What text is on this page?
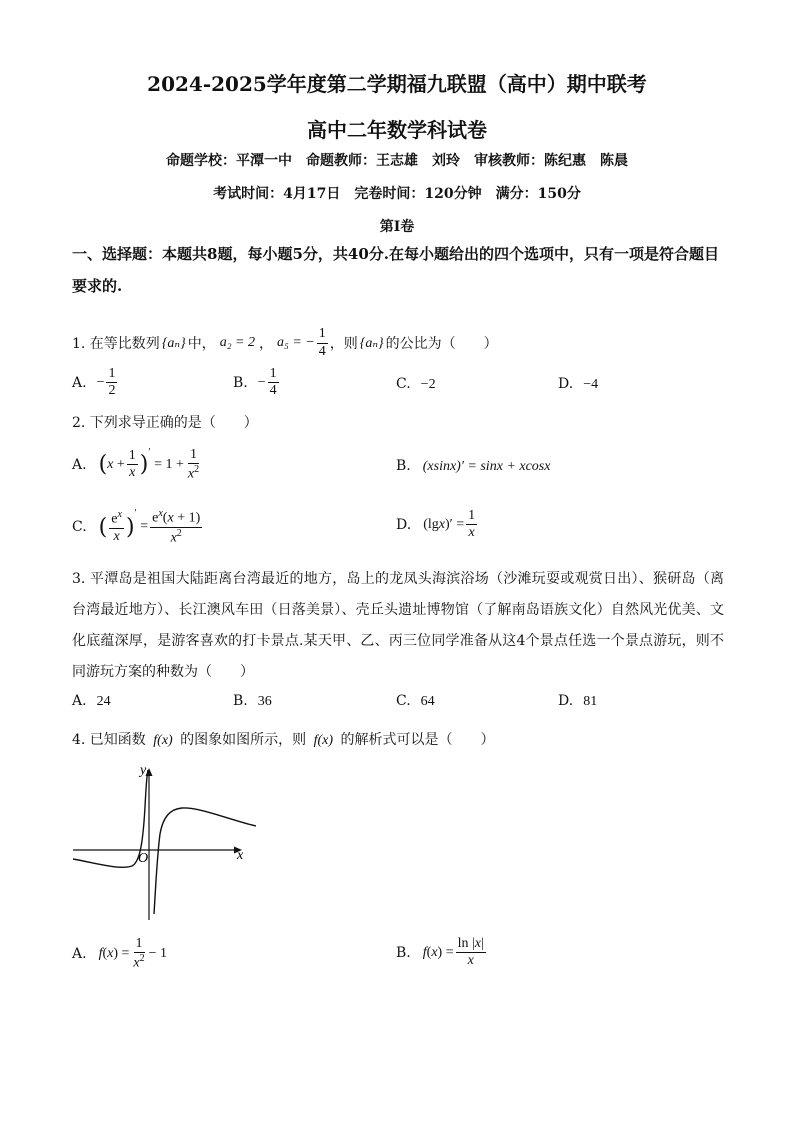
2024-2025学年度第二学期福九联盟（高中）期中联考
高中二年数学科试卷
命题学校：平潭一中　命题教师：王志雄　刘玲　审核教师：陈纪惠　陈晨
考试时间：4月17日　完卷时间：120分钟　满分：150分
第I卷
一、选择题：本题共8题，每小题5分，共40分.在每小题给出的四个选项中，只有一项是符合题目要求的.
1. 在等比数列 {aₙ} 中， a₂ = 2 ， a₅ = − $\frac{1}{4}$ ，则 {aₙ} 的公比为（　　）
A. − $\frac{1}{2}$	B. − $\frac{1}{4}$	C. −2	D. −4
2. 下列求导正确的是（　　）
A. ( $x + \frac{1}{x} )'$
= $1 + \frac{1}{x^2}$	B. (xsinx)′ = sinx + xcosx
C. ( $\frac{e^x}{x}$ )
′
= $\frac{e^x(x + 1)}{x^2}$	D. (lg x )′ = $\frac{1}{x}$
3. 平潭岛是祖国大陆距离台湾最近的地方，岛上的龙凤头海滨浴场（沙滩玩耍或观赏日出）、猴研岛（离台湾最近地方）、长江澳风车田（日落美景）、壳丘头遗址博物馆（了解南岛语族文化）自然风光优美、文化底蕴深厚，是游客喜欢的打卡景点.某天甲、乙、丙三位同学准备从这4个景点任选一个景点游玩，则不同游玩方案的种数为（　　）
A. 24	B. 36	C. 64	D. 81
4. 已知函数 f(x) 的图象如图所示，则 f(x) 的解析式可以是（　　）
x
y
O
A. f ( x ) = $\frac{1}{x^2} - 1$	B. f ( x ) = $\frac{\ln |x|}{x}$
